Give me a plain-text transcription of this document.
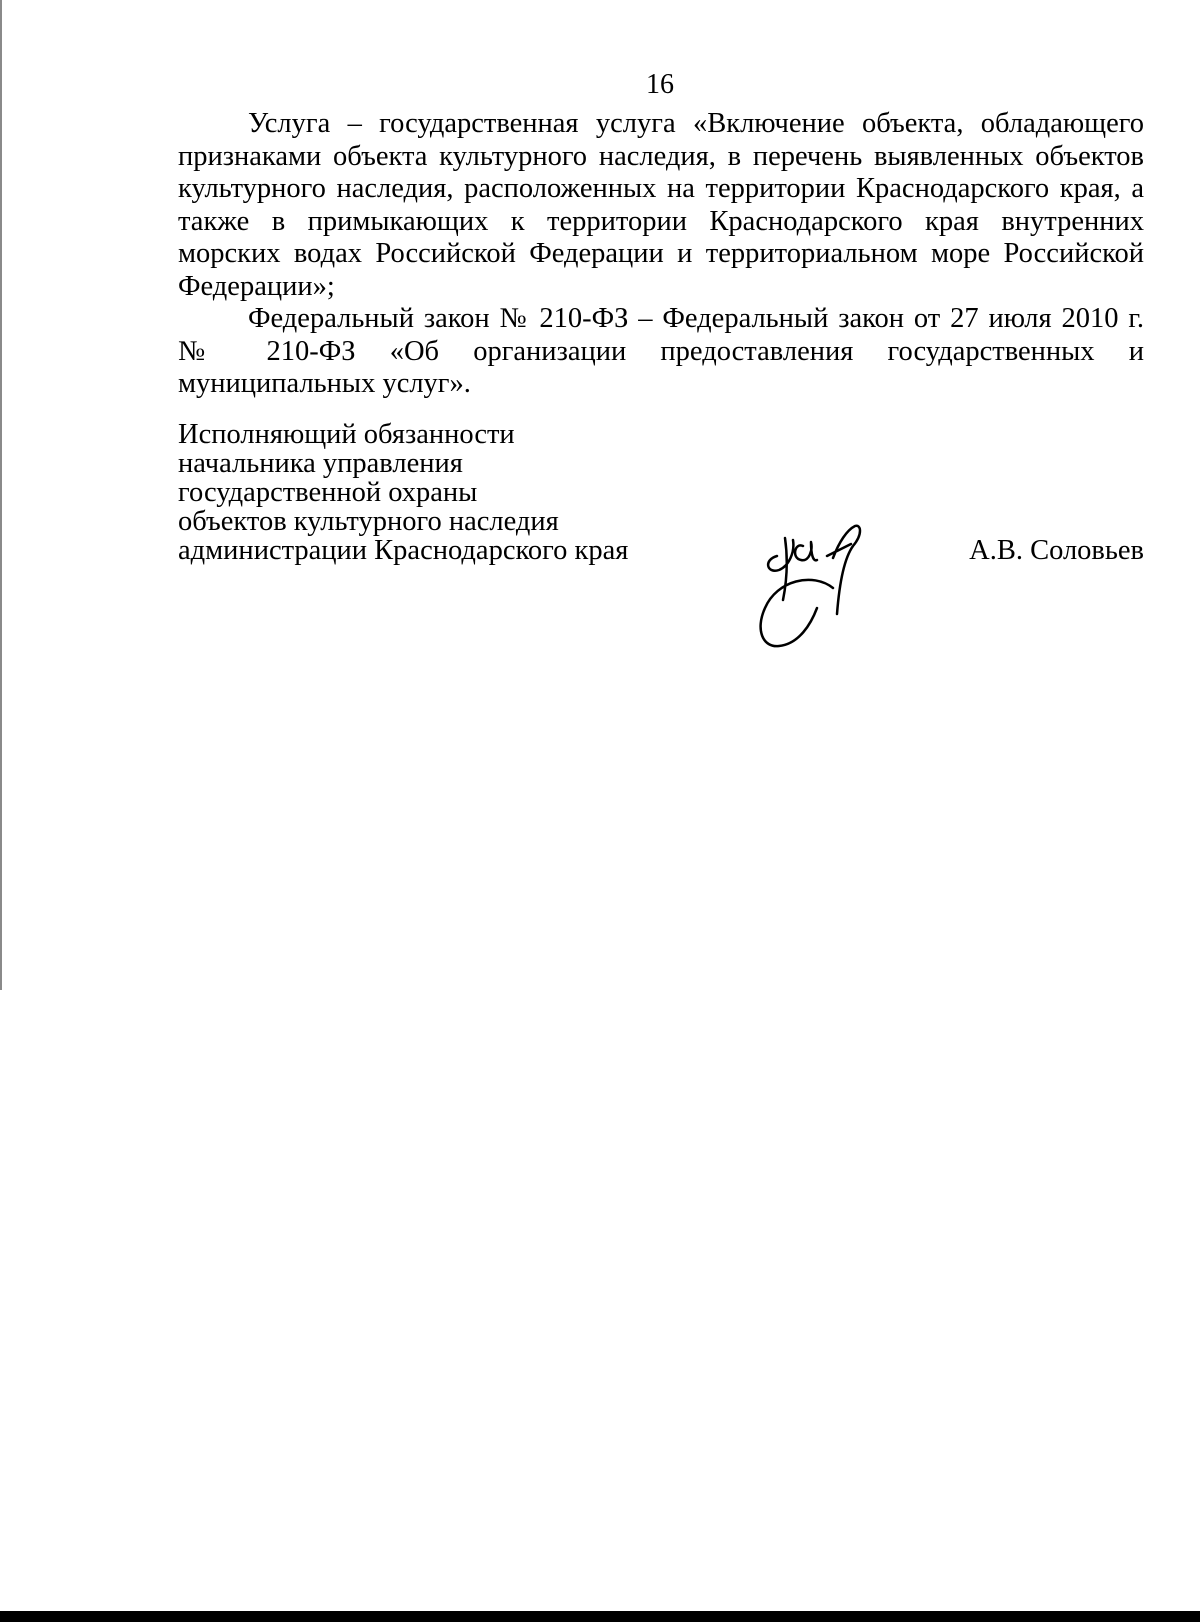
16

Услуга – государственная услуга «Включение объекта, обладающего признаками объекта культурного наследия, в перечень выявленных объектов культурного наследия, расположенных на территории Краснодарского края, а также в примыкающих к территории Краснодарского края внутренних морских водах Российской Федерации и территориальном море Российской Федерации»;

Федеральный закон № 210-ФЗ – Федеральный закон от 27 июля 2010 г. № 210-ФЗ «Об организации предоставления государственных и муниципальных услуг».

Исполняющий обязанности
начальника управления
государственной охраны
объектов культурного наследия
администрации Краснодарского края	А.В. Соловьев
